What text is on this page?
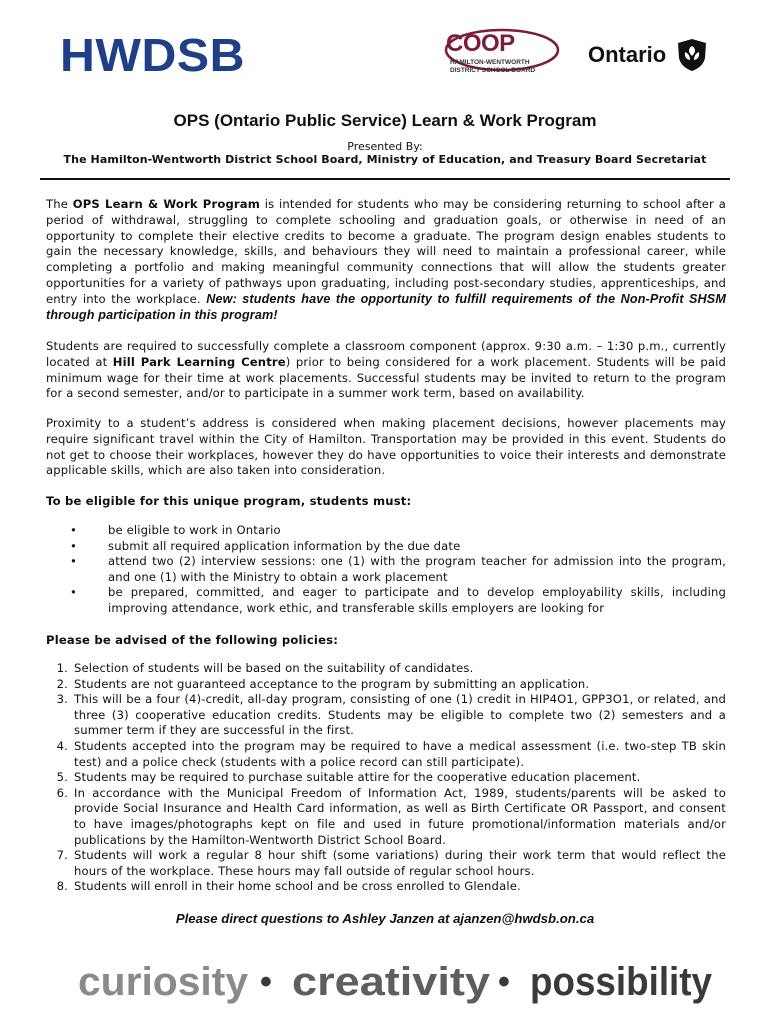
HWDSB	COOP
HAMILTON-WENTWORTH
DISTRICT SCHOOL BOARD
Ontario
OPS (Ontario Public Service) Learn & Work Program
Presented By:
The Hamilton-Wentworth District School Board, Ministry of Education, and Treasury Board Secretariat
The OPS Learn & Work Program is intended for students who may be considering returning to school after a period of withdrawal, struggling to complete schooling and graduation goals, or otherwise in need of an opportunity to complete their elective credits to become a graduate. The program design enables students to gain the necessary knowledge, skills, and behaviours they will need to maintain a professional career, while completing a portfolio and making meaningful community connections that will allow the students greater opportunities for a variety of pathways upon graduating, including post-secondary studies, apprenticeships, and entry into the workplace. New: students have the opportunity to fulfill requirements of the Non-Profit SHSM through participation in this program!
Students are required to successfully complete a classroom component (approx. 9:30 a.m. – 1:30 p.m., currently located at Hill Park Learning Centre) prior to being considered for a work placement. Students will be paid minimum wage for their time at work placements. Successful students may be invited to return to the program for a second semester, and/or to participate in a summer work term, based on availability.
Proximity to a student’s address is considered when making placement decisions, however placements may require significant travel within the City of Hamilton. Transportation may be provided in this event. Students do not get to choose their workplaces, however they do have opportunities to voice their interests and demonstrate applicable skills, which are also taken into consideration.
To be eligible for this unique program, students must:
•	be eligible to work in Ontario
•	submit all required application information by the due date
•	attend two (2) interview sessions: one (1) with the program teacher for admission into the program, and one (1) with the Ministry to obtain a work placement
•	be prepared, committed, and eager to participate and to develop employability skills, including improving attendance, work ethic, and transferable skills employers are looking for
Please be advised of the following policies:
1. Selection of students will be based on the suitability of candidates.
2. Students are not guaranteed acceptance to the program by submitting an application.
3. This will be a four (4)-credit, all-day program, consisting of one (1) credit in HIP4O1, GPP3O1, or related, and three (3) cooperative education credits. Students may be eligible to complete two (2) semesters and a summer term if they are successful in the first.
4. Students accepted into the program may be required to have a medical assessment (i.e. two-step TB skin test) and a police check (students with a police record can still participate).
5. Students may be required to purchase suitable attire for the cooperative education placement.
6. In accordance with the Municipal Freedom of Information Act, 1989, students/parents will be asked to provide Social Insurance and Health Card information, as well as Birth Certificate OR Passport, and consent to have images/photographs kept on file and used in future promotional/information materials and/or publications by the Hamilton-Wentworth District School Board.
7. Students will work a regular 8 hour shift (some variations) during their work term that would reflect the hours of the workplace. These hours may fall outside of regular school hours.
8. Students will enroll in their home school and be cross enrolled to Glendale.
Please direct questions to Ashley Janzen at ajanzen@hwdsb.on.ca
curiosity • creativity • possibility
